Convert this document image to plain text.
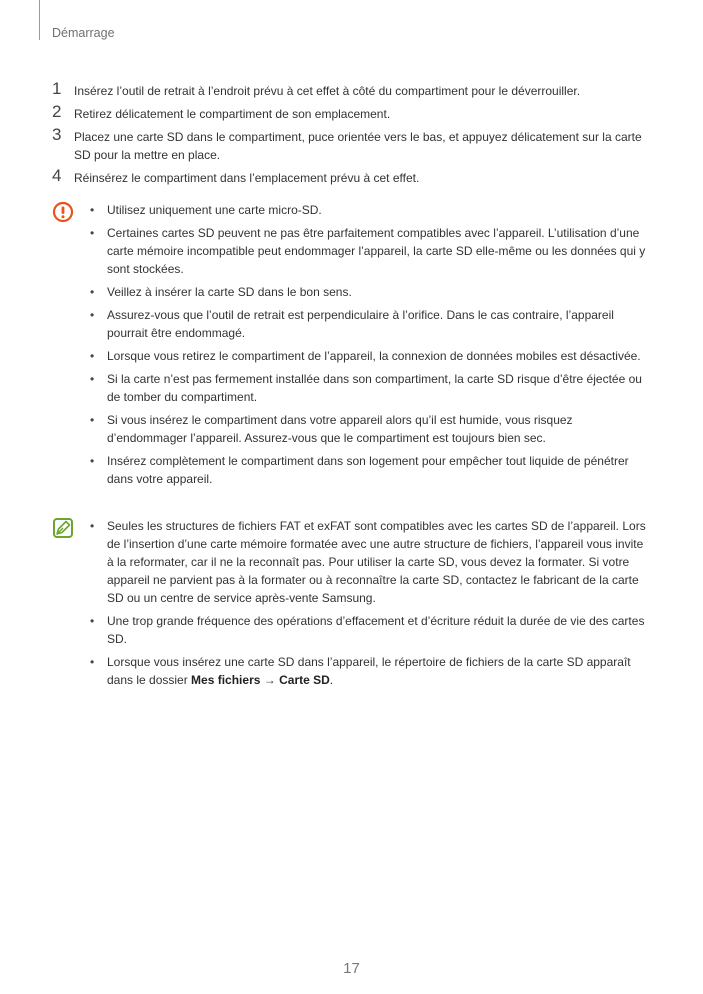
Démarrage
1 Insérez l’outil de retrait à l’endroit prévu à cet effet à côté du compartiment pour le déverrouiller.
2 Retirez délicatement le compartiment de son emplacement.
3 Placez une carte SD dans le compartiment, puce orientée vers le bas, et appuyez délicatement sur la carte SD pour la mettre en place.
4 Réinsérez le compartiment dans l’emplacement prévu à cet effet.
• Utilisez uniquement une carte micro-SD.
• Certaines cartes SD peuvent ne pas être parfaitement compatibles avec l’appareil. L’utilisation d’une carte mémoire incompatible peut endommager l’appareil, la carte SD elle-même ou les données qui y sont stockées.
• Veillez à insérer la carte SD dans le bon sens.
• Assurez-vous que l’outil de retrait est perpendiculaire à l’orifice. Dans le cas contraire, l’appareil pourrait être endommagé.
• Lorsque vous retirez le compartiment de l’appareil, la connexion de données mobiles est désactivée.
• Si la carte n’est pas fermement installée dans son compartiment, la carte SD risque d’être éjectée ou de tomber du compartiment.
• Si vous insérez le compartiment dans votre appareil alors qu’il est humide, vous risquez d’endommager l’appareil. Assurez-vous que le compartiment est toujours bien sec.
• Insérez complètement le compartiment dans son logement pour empêcher tout liquide de pénétrer dans votre appareil.
• Seules les structures de fichiers FAT et exFAT sont compatibles avec les cartes SD de l’appareil. Lors de l’insertion d’une carte mémoire formatée avec une autre structure de fichiers, l’appareil vous invite à la reformater, car il ne la reconnaît pas. Pour utiliser la carte SD, vous devez la formater. Si votre appareil ne parvient pas à la formater ou à reconnaître la carte SD, contactez le fabricant de la carte SD ou un centre de service après-vente Samsung.
• Une trop grande fréquence des opérations d’effacement et d’écriture réduit la durée de vie des cartes SD.
• Lorsque vous insérez une carte SD dans l’appareil, le répertoire de fichiers de la carte SD apparaît dans le dossier Mes fichiers → Carte SD.
17
